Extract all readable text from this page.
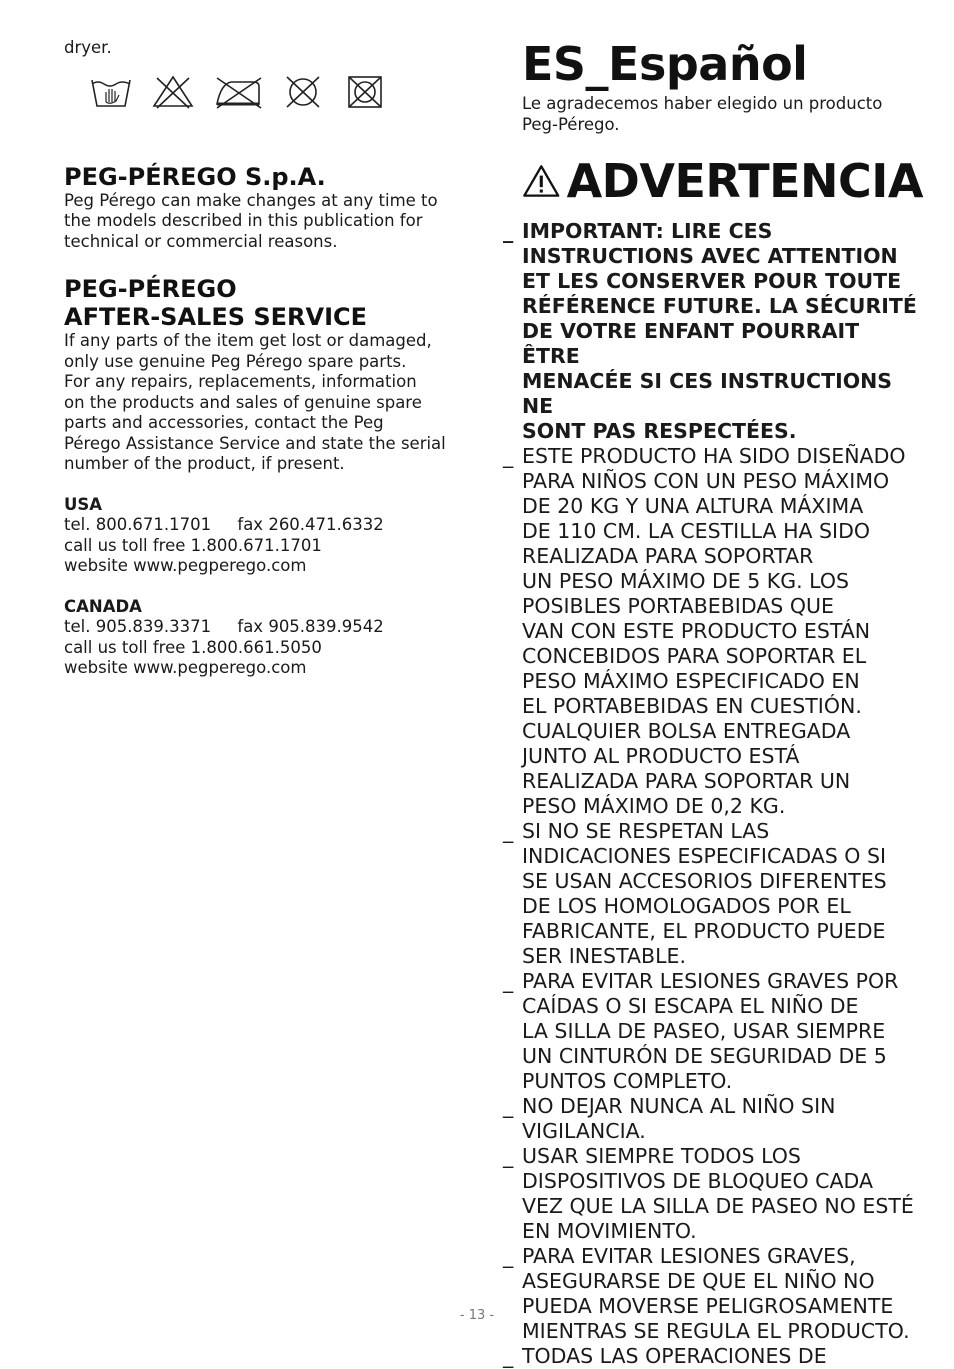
dryer.

PEG-PÉREGO S.p.A.

Peg Pérego can make changes at any time to

the models described in this publication for

technical or commercial reasons.

PEG-PÉREGO
AFTER-SALES SERVICE

If any parts of the item get lost or damaged,

only use genuine Peg Pérego spare parts.

For any repairs, replacements, information

on the products and sales of genuine spare

parts and accessories, contact the Peg

Pérego Assistance Service and state the serial

number of the product, if present.

USA

tel. 800.671.1701     fax 260.471.6332

call us toll free 1.800.671.1701

website www.pegperego.com

CANADA

tel. 905.839.3371     fax 905.839.9542

call us toll free 1.800.661.5050

website www.pegperego.com

ES_Español

Le agradecemos haber elegido un producto

Peg-Pérego.

ADVERTENCIA
_ IMPORTANT: LIRE CES
INSTRUCTIONS AVEC ATTENTION
ET LES CONSERVER POUR TOUTE
RÉFÉRENCE FUTURE. LA SÉCURITÉ
DE VOTRE ENFANT POURRAIT ÊTRE
MENACÉE SI CES INSTRUCTIONS NE
SONT PAS RESPECTÉES.
_ ESTE PRODUCTO HA SIDO DISEÑADO
PARA NIÑOS CON UN PESO MÁXIMO
DE 20 KG Y UNA ALTURA MÁXIMA
DE 110 CM. LA CESTILLA HA SIDO
REALIZADA PARA SOPORTAR
UN PESO MÁXIMO DE 5 KG. LOS
POSIBLES PORTABEBIDAS QUE
VAN CON ESTE PRODUCTO ESTÁN
CONCEBIDOS PARA SOPORTAR EL
PESO MÁXIMO ESPECIFICADO EN
EL PORTABEBIDAS EN CUESTIÓN.
CUALQUIER BOLSA ENTREGADA
JUNTO AL PRODUCTO ESTÁ
REALIZADA PARA SOPORTAR UN
PESO MÁXIMO DE 0,2 KG.
_ SI NO SE RESPETAN LAS
INDICACIONES ESPECIFICADAS O SI
SE USAN ACCESORIOS DIFERENTES
DE LOS HOMOLOGADOS POR EL
FABRICANTE, EL PRODUCTO PUEDE
SER INESTABLE.
_ PARA EVITAR LESIONES GRAVES POR
CAÍDAS O SI ESCAPA EL NIÑO DE
LA SILLA DE PASEO, USAR SIEMPRE
UN CINTURÓN DE SEGURIDAD DE 5
PUNTOS COMPLETO.
_ NO DEJAR NUNCA AL NIÑO SIN
VIGILANCIA.
_ USAR SIEMPRE TODOS LOS
DISPOSITIVOS DE BLOQUEO CADA
VEZ QUE LA SILLA DE PASEO NO ESTÉ
EN MOVIMIENTO.
_ PARA EVITAR LESIONES GRAVES,
ASEGURARSE DE QUE EL NIÑO NO
PUEDA MOVERSE PELIGROSAMENTE
MIENTRAS SE REGULA EL PRODUCTO.
_ TODAS LAS OPERACIONES DE
- 13 -
